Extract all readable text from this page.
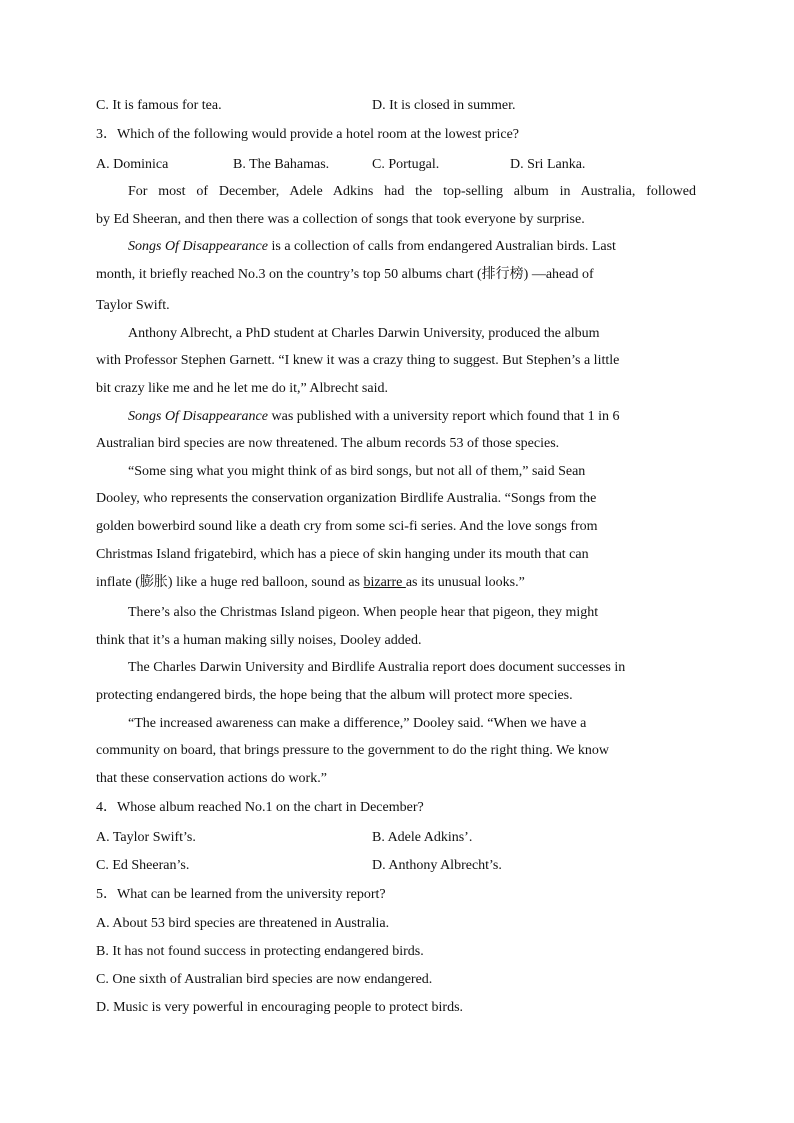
C. It is famous for tea.	D. It is closed in summer.
3．Which of the following would provide a hotel room at the lowest price?
A. Dominica	B. The Bahamas.	C. Portugal.	D. Sri Lanka.
For most of December, Adele Adkins had the top-selling album in Australia, followed
by Ed Sheeran, and then there was a collection of songs that took everyone by surprise.
Songs Of Disappearance is a collection of calls from endangered Australian birds. Last
month, it briefly reached No.3 on the country’s top 50 albums chart (排行榜) —ahead of
Taylor Swift.
Anthony Albrecht, a PhD student at Charles Darwin University, produced the album
with Professor Stephen Garnett. “I knew it was a crazy thing to suggest. But Stephen’s a little
bit crazy like me and he let me do it,” Albrecht said.
Songs Of Disappearance was published with a university report which found that 1 in 6
Australian bird species are now threatened. The album records 53 of those species.
“Some sing what you might think of as bird songs, but not all of them,” said Sean
Dooley, who represents the conservation organization Birdlife Australia. “Songs from the
golden bowerbird sound like a death cry from some sci-fi series. And the love songs from
Christmas Island frigatebird, which has a piece of skin hanging under its mouth that can
inflate (膨胀) like a huge red balloon, sound as bizarre as its unusual looks.”
There’s also the Christmas Island pigeon. When people hear that pigeon, they might
think that it’s a human making silly noises, Dooley added.
The Charles Darwin University and Birdlife Australia report does document successes in
protecting endangered birds, the hope being that the album will protect more species.
“The increased awareness can make a difference,” Dooley said. “When we have a
community on board, that brings pressure to the government to do the right thing. We know
that these conservation actions do work.”
4．Whose album reached No.1 on the chart in December?
A. Taylor Swift’s.	B. Adele Adkins’.
C. Ed Sheeran’s.	D. Anthony Albrecht’s.
5．What can be learned from the university report?
A. About 53 bird species are threatened in Australia.
B. It has not found success in protecting endangered birds.
C. One sixth of Australian bird species are now endangered.
D. Music is very powerful in encouraging people to protect birds.
